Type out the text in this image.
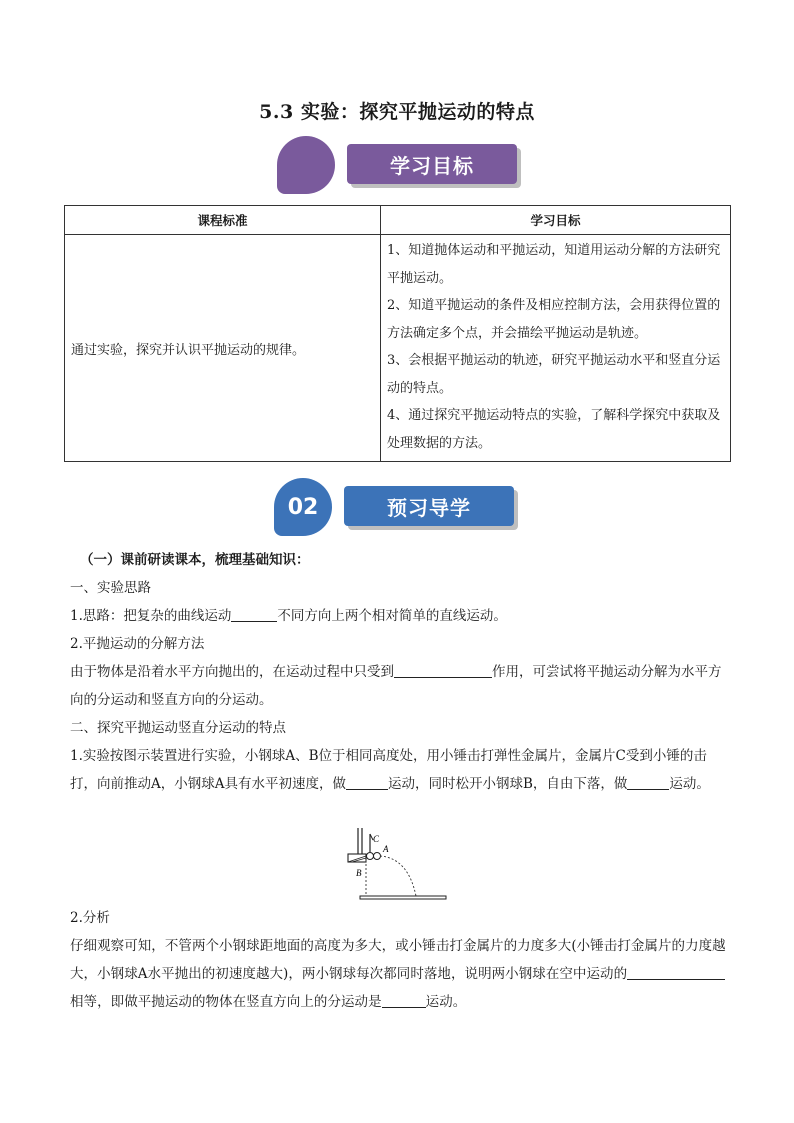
5.3 实验：探究平抛运动的特点
学习目标
课程标准	学习目标
通过实验，探究并认识平抛运动的规律。	1、知道抛体运动和平抛运动，知道用运动分解的方法研究平抛运动。

2、知道平抛运动的条件及相应控制方法，会用获得位置的方法确定多个点，并会描绘平抛运动是轨迹。

3、会根据平抛运动的轨迹，研究平抛运动水平和竖直分运动的特点。

4、通过探究平抛运动特点的实验，了解科学探究中获取及处理数据的方法。

02	预习导学

（一）课前研读课本，梳理基础知识：

一、实验思路

1.思路：把复杂的曲线运动	不同方向上两个相对简单的直线运动。

2.平抛运动的分解方法

由于物体是沿着水平方向抛出的，在运动过程中只受到	作用，可尝试将平抛运动分解为水平方向的分运动和竖直方向的分运动。

二、探究平抛运动竖直分运动的特点

1.实验按图示装置进行实验，小钢球A、B位于相同高度处，用小锤击打弹性金属片，金属片C受到小锤的击打，向前推动A，小钢球A具有水平初速度，做	运动，同时松开小钢球B，自由下落，做	运动。

C
A
B

2.分析

仔细观察可知，不管两个小钢球距地面的高度为多大，或小锤击打金属片的力度多大(小锤击打金属片的力度越大，小钢球A水平抛出的初速度越大)，两小钢球每次都同时落地，说明两小钢球在空中运动的相等，即做平抛运动的物体在竖直方向上的分运动是	运动。
